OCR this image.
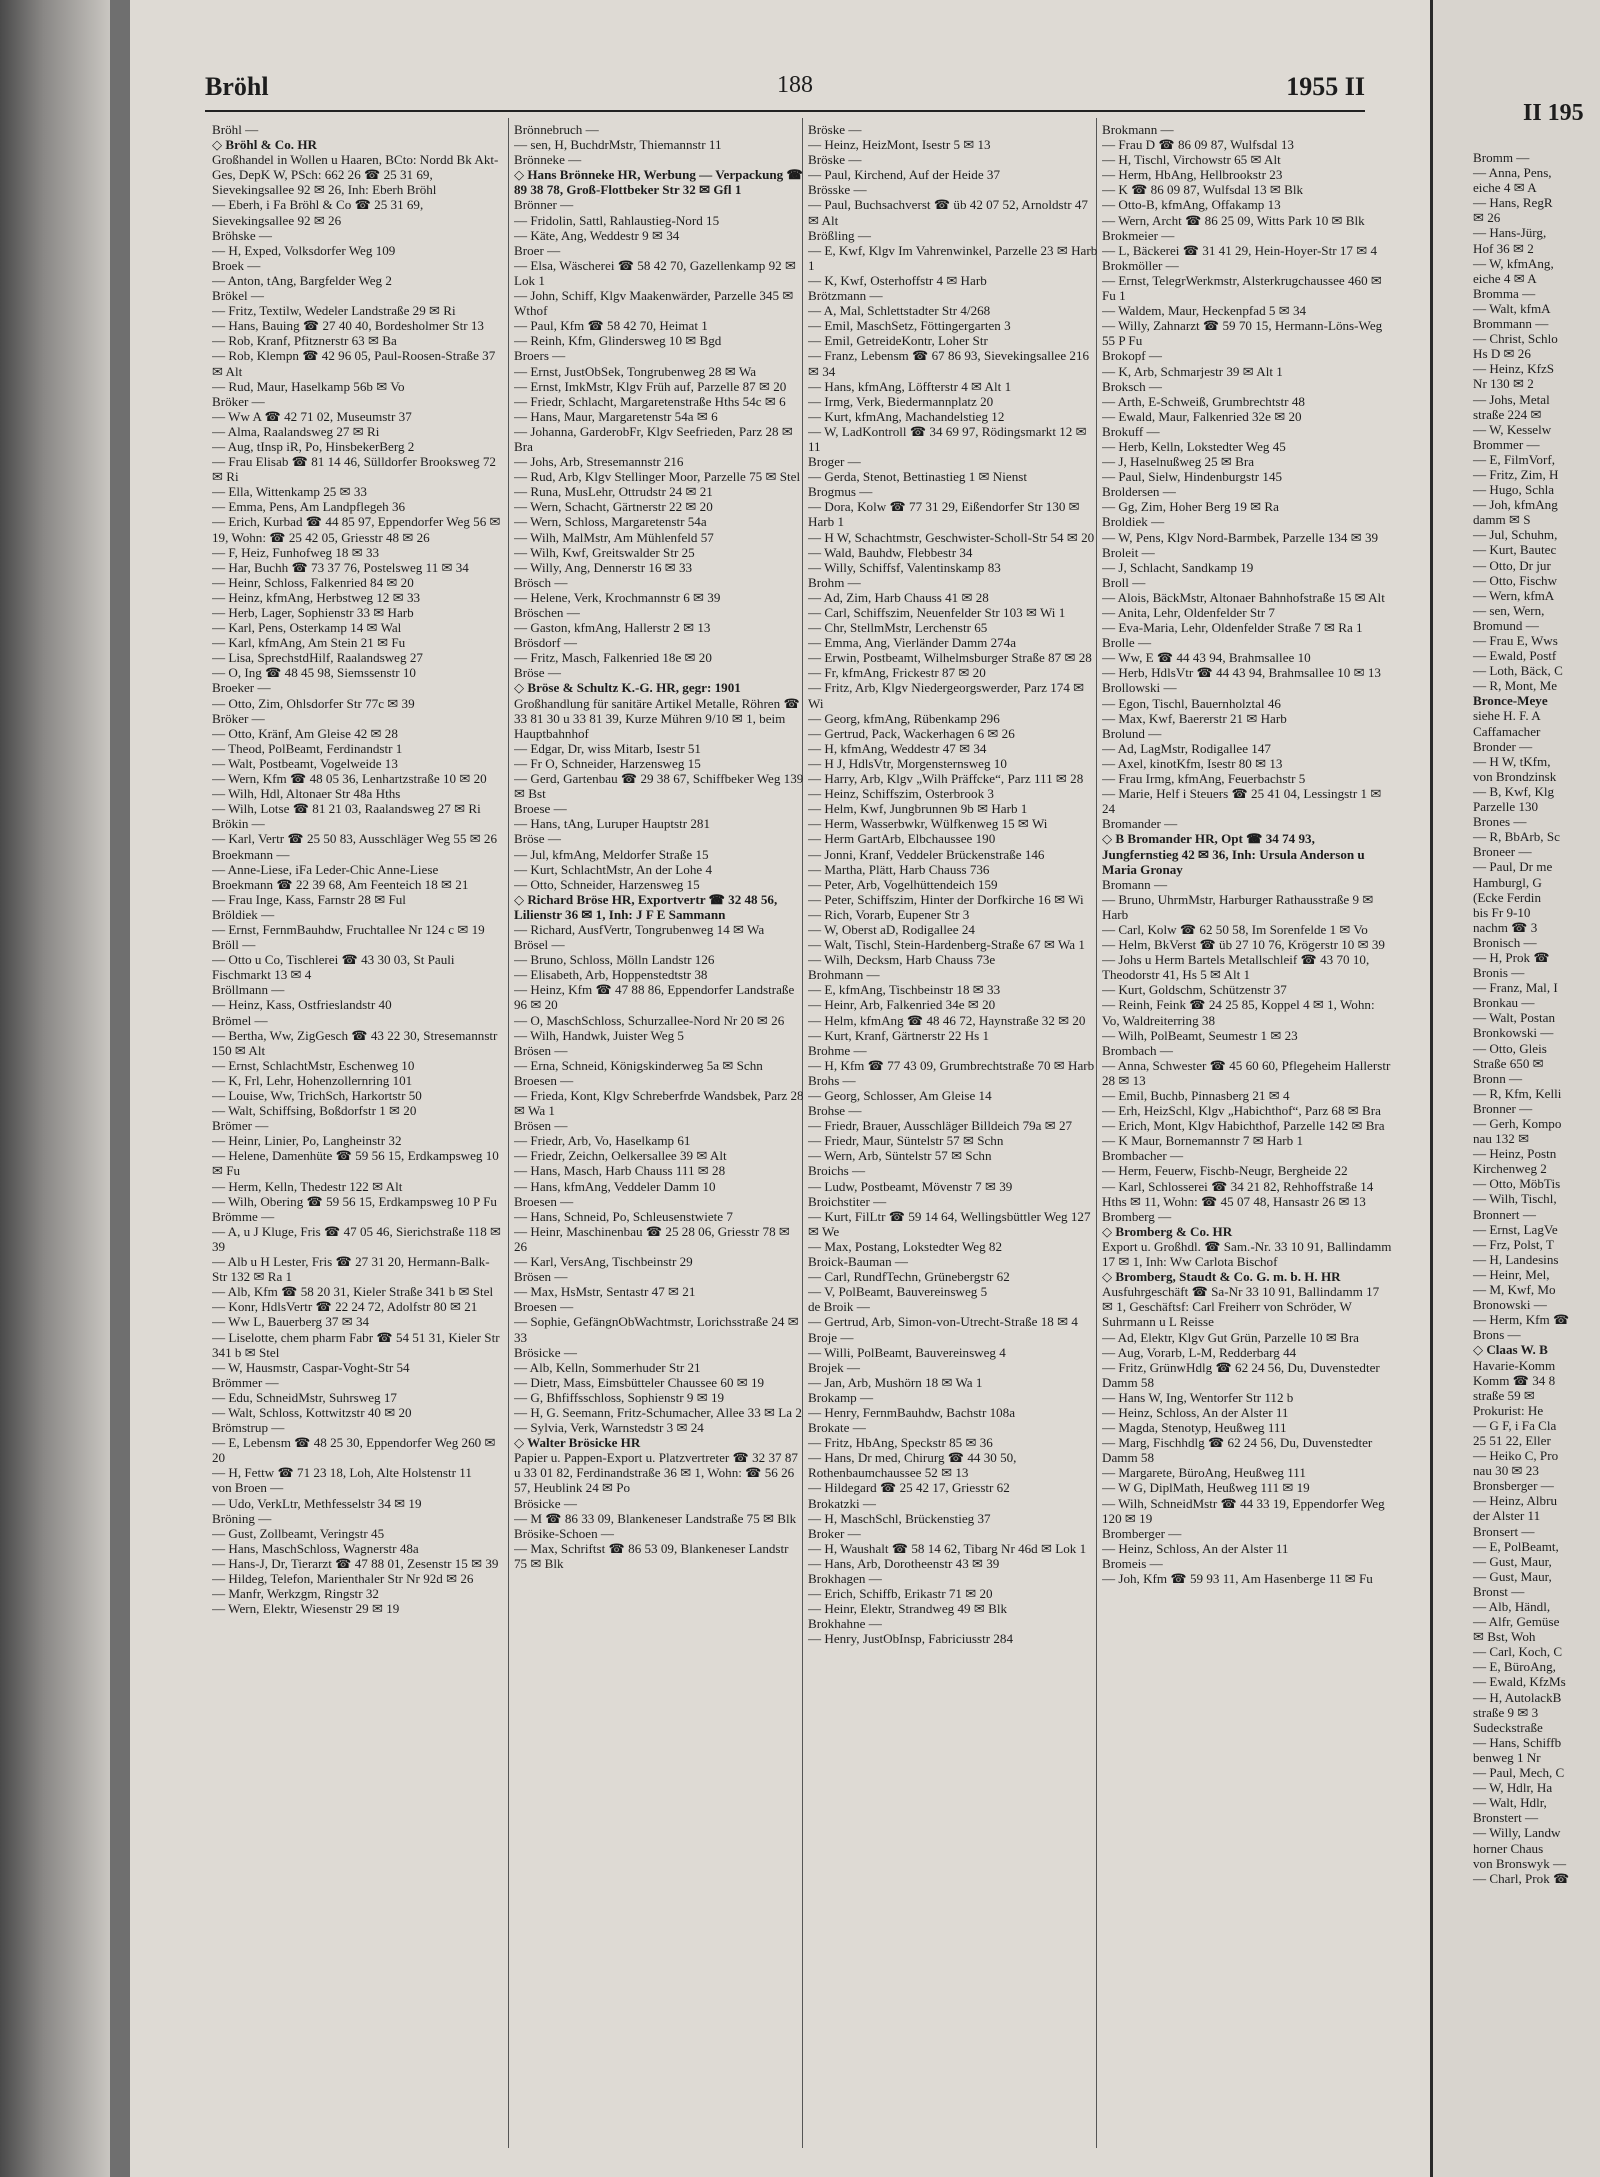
Bröhl	188	1955 II
Bröhl —
◇ Bröhl & Co. HR
Großhandel in Wollen u Haaren, BCto: Nordd Bk Akt-Ges, DepK W, PSch: 662 26 ☎ 25 31 69, Sievekingsallee 92 ✉ 26, Inh: Eberh Bröhl
— Eberh, i Fa Bröhl & Co ☎ 25 31 69, Sievekingsallee 92 ✉ 26
Bröhske —
— H, Exped, Volksdorfer Weg 109
Broek —
— Anton, tAng, Bargfelder Weg 2
Brökel —
— Fritz, Textilw, Wedeler Landstraße 29 ✉ Ri
— Hans, Bauing ☎ 27 40 40, Bordesholmer Str 13
— Rob, Kranf, Pfitznerstr 63 ✉ Ba
— Rob, Klempn ☎ 42 96 05, Paul-Roosen-Straße 37 ✉ Alt
— Rud, Maur, Haselkamp 56b ✉ Vo
Bröker —
— Ww A ☎ 42 71 02, Museumstr 37
— Alma, Raalandsweg 27 ✉ Ri
— Aug, tInsp iR, Po, HinsbekerBerg 2
— Frau Elisab ☎ 81 14 46, Sülldorfer Brooksweg 72 ✉ Ri
— Ella, Wittenkamp 25 ✉ 33
— Emma, Pens, Am Landpflegeh 36
— Erich, Kurbad ☎ 44 85 97, Eppendorfer Weg 56 ✉ 19, Wohn: ☎ 25 42 05, Griesstr 48 ✉ 26
— F, Heiz, Funhofweg 18 ✉ 33
— Har, Buchh ☎ 73 37 76, Postelsweg 11 ✉ 34
— Heinr, Schloss, Falkenried 84 ✉ 20
— Heinz, kfmAng, Herbstweg 12 ✉ 33
— Herb, Lager, Sophienstr 33 ✉ Harb
— Karl, Pens, Osterkamp 14 ✉ Wal
— Karl, kfmAng, Am Stein 21 ✉ Fu
— Lisa, SprechstdHilf, Raalandsweg 27
— O, Ing ☎ 48 45 98, Siemssenstr 10
Broeker —
— Otto, Zim, Ohlsdorfer Str 77c ✉ 39
Bröker —
— Otto, Kränf, Am Gleise 42 ✉ 28
— Theod, PolBeamt, Ferdinandstr 1
— Walt, Postbeamt, Vogelweide 13
— Wern, Kfm ☎ 48 05 36, Lenhartzstraße 10 ✉ 20
— Wilh, Hdl, Altonaer Str 48a Hths
— Wilh, Lotse ☎ 81 21 03, Raalandsweg 27 ✉ Ri
Brökin —
— Karl, Vertr ☎ 25 50 83, Ausschläger Weg 55 ✉ 26
Broekmann —
— Anne-Liese, iFa Leder-Chic Anne-Liese Broekmann ☎ 22 39 68, Am Feenteich 18 ✉ 21
— Frau Inge, Kass, Farnstr 28 ✉ Ful
Bröldiek —
— Ernst, FernmBauhdw, Fruchtallee Nr 124 c ✉ 19
Bröll —
— Otto u Co, Tischlerei ☎ 43 30 03, St Pauli Fischmarkt 13 ✉ 4
Bröllmann —
— Heinz, Kass, Ostfrieslandstr 40
Brömel —
— Bertha, Ww, ZigGesch ☎ 43 22 30, Stresemannstr 150 ✉ Alt
— Ernst, SchlachtMstr, Eschenweg 10
— K, Frl, Lehr, Hohenzollernring 101
— Louise, Ww, TrichSch, Harkortstr 50
— Walt, Schiffsing, Boßdorfstr 1 ✉ 20
Brömer —
— Heinr, Linier, Po, Langheinstr 32
— Helene, Damenhüte ☎ 59 56 15, Erdkampsweg 10 ✉ Fu
— Herm, Kelln, Thedestr 122 ✉ Alt
— Wilh, Obering ☎ 59 56 15, Erdkampsweg 10 P Fu
Brömme —
— A, u J Kluge, Fris ☎ 47 05 46, Sierichstraße 118 ✉ 39
— Alb u H Lester, Fris ☎ 27 31 20, Hermann-Balk-Str 132 ✉ Ra 1
— Alb, Kfm ☎ 58 20 31, Kieler Straße 341 b ✉ Stel
— Konr, HdlsVertr ☎ 22 24 72, Adolfstr 80 ✉ 21
— Ww L, Bauerberg 37 ✉ 34
— Liselotte, chem pharm Fabr ☎ 54 51 31, Kieler Str 341 b ✉ Stel
— W, Hausmstr, Caspar-Voght-Str 54
Brömmer —
— Edu, SchneidMstr, Suhrsweg 17
— Walt, Schloss, Kottwitzstr 40 ✉ 20
Brömstrup —
— E, Lebensm ☎ 48 25 30, Eppendorfer Weg 260 ✉ 20
— H, Fettw ☎ 71 23 18, Loh, Alte Holstenstr 11
von Broen —
— Udo, VerkLtr, Methfesselstr 34 ✉ 19
Bröning —
— Gust, Zollbeamt, Veringstr 45
— Hans, MaschSchloss, Wagnerstr 48a
— Hans-J, Dr, Tierarzt ☎ 47 88 01, Zesenstr 15 ✉ 39
— Hildeg, Telefon, Marienthaler Str Nr 92d ✉ 26
— Manfr, Werkzgm, Ringstr 32
— Wern, Elektr, Wiesenstr 29 ✉ 19
Brönnebruch —
— sen, H, BuchdrMstr, Thiemannstr 11
Brönneke —
◇ Hans Brönneke HR, Werbung — Verpackung ☎ 89 38 78, Groß-Flottbeker Str 32 ✉ Gfl 1
Brönner —
— Fridolin, Sattl, Rahlaustieg-Nord 15
— Käte, Ang, Weddestr 9 ✉ 34
Broer —
— Elsa, Wäscherei ☎ 58 42 70, Gazellenkamp 92 ✉ Lok 1
— John, Schiff, Klgv Maakenwärder, Parzelle 345 ✉ Wthof
— Paul, Kfm ☎ 58 42 70, Heimat 1
— Reinh, Kfm, Glindersweg 10 ✉ Bgd
Broers —
— Ernst, JustObSek, Tongrubenweg 28 ✉ Wa
— Ernst, ImkMstr, Klgv Früh auf, Parzelle 87 ✉ 20
— Friedr, Schlacht, Margaretenstraße Hths 54c ✉ 6
— Hans, Maur, Margaretenstr 54a ✉ 6
— Johanna, GarderobFr, Klgv Seefrieden, Parz 28 ✉ Bra
— Johs, Arb, Stresemannstr 216
— Rud, Arb, Klgv Stellinger Moor, Parzelle 75 ✉ Stel
— Runa, MusLehr, Ottrudstr 24 ✉ 21
— Wern, Schacht, Gärtnerstr 22 ✉ 20
— Wern, Schloss, Margaretenstr 54a
— Wilh, MalMstr, Am Mühlenfeld 57
— Wilh, Kwf, Greitswalder Str 25
— Willy, Ang, Dennerstr 16 ✉ 33
Brösch —
— Helene, Verk, Krochmannstr 6 ✉ 39
Bröschen —
— Gaston, kfmAng, Hallerstr 2 ✉ 13
Brösdorf —
— Fritz, Masch, Falkenried 18e ✉ 20
Bröse —
◇ Bröse & Schultz K.-G. HR, gegr: 1901
Großhandlung für sanitäre Artikel Metalle, Röhren ☎ 33 81 30 u 33 81 39, Kurze Mühren 9/10 ✉ 1, beim Hauptbahnhof
— Edgar, Dr, wiss Mitarb, Isestr 51
— Fr O, Schneider, Harzensweg 15
— Gerd, Gartenbau ☎ 29 38 67, Schiffbeker Weg 139 ✉ Bst
Broese —
— Hans, tAng, Luruper Hauptstr 281
Bröse —
— Jul, kfmAng, Meldorfer Straße 15
— Kurt, SchlachtMstr, An der Lohe 4
— Otto, Schneider, Harzensweg 15
◇ Richard Bröse HR, Exportvertr ☎ 32 48 56, Lilienstr 36 ✉ 1, Inh: J F E Sammann
— Richard, AusfVertr, Tongrubenweg 14 ✉ Wa
Brösel —
— Bruno, Schloss, Mölln Landstr 126
— Elisabeth, Arb, Hoppenstedtstr 38
— Heinz, Kfm ☎ 47 88 86, Eppendorfer Landstraße 96 ✉ 20
— O, MaschSchloss, Schurzallee-Nord Nr 20 ✉ 26
— Wilh, Handwk, Juister Weg 5
Brösen —
— Erna, Schneid, Königskinderweg 5a ✉ Schn
Broesen —
— Frieda, Kont, Klgv Schreberfrde Wandsbek, Parz 28 ✉ Wa 1
Brösen —
— Friedr, Arb, Vo, Haselkamp 61
— Friedr, Zeichn, Oelkersallee 39 ✉ Alt
— Hans, Masch, Harb Chauss 111 ✉ 28
— Hans, kfmAng, Veddeler Damm 10
Broesen —
— Hans, Schneid, Po, Schleusenstwiete 7
— Heinr, Maschinenbau ☎ 25 28 06, Griesstr 78 ✉ 26
— Karl, VersAng, Tischbeinstr 29
Brösen —
— Max, HsMstr, Sentastr 47 ✉ 21
Broesen —
— Sophie, GefängnObWachtmstr, Lorichsstraße 24 ✉ 33
Brösicke —
— Alb, Kelln, Sommerhuder Str 21
— Dietr, Mass, Eimsbütteler Chaussee 60 ✉ 19
— G, Bhfiffsschloss, Sophienstr 9 ✉ 19
— H, G. Seemann, Fritz-Schumacher, Allee 33 ✉ La 2
— Sylvia, Verk, Warnstedstr 3 ✉ 24
◇ Walter Brösicke HR
Papier u. Pappen-Export u. Platzvertreter ☎ 32 37 87 u 33 01 82, Ferdinandstraße 36 ✉ 1, Wohn: ☎ 56 26 57, Heublink 24 ✉ Po
Brösicke —
— M ☎ 86 33 09, Blankeneser Landstraße 75 ✉ Blk
Brösike-Schoen —
— Max, Schriftst ☎ 86 53 09, Blankeneser Landstr 75 ✉ Blk
Bröske —
— Heinz, HeizMont, Isestr 5 ✉ 13
Bröske —
— Paul, Kirchend, Auf der Heide 37
Brösske —
— Paul, Buchsachverst ☎ üb 42 07 52, Arnoldstr 47 ✉ Alt
Brößling —
— E, Kwf, Klgv Im Vahrenwinkel, Parzelle 23 ✉ Harb 1
— K, Kwf, Osterhoffstr 4 ✉ Harb
Brötzmann —
— A, Mal, Schlettstadter Str 4/268
— Emil, MaschSetz, Föttingergarten 3
— Emil, GetreideKontr, Loher Str
— Franz, Lebensm ☎ 67 86 93, Sievekingsallee 216 ✉ 34
— Hans, kfmAng, Löffterstr 4 ✉ Alt 1
— Irmg, Verk, Biedermannplatz 20
— Kurt, kfmAng, Machandelstieg 12
— W, LadKontroll ☎ 34 69 97, Rödingsmarkt 12 ✉ 11
Broger —
— Gerda, Stenot, Bettinastieg 1 ✉ Nienst
Brogmus —
— Dora, Kolw ☎ 77 31 29, Eißendorfer Str 130 ✉ Harb 1
— H W, Schachtmstr, Geschwister-Scholl-Str 54 ✉ 20
— Wald, Bauhdw, Flebbestr 34
— Willy, Schiffsf, Valentinskamp 83
Brohm —
— Ad, Zim, Harb Chauss 41 ✉ 28
— Carl, Schiffszim, Neuenfelder Str 103 ✉ Wi 1
— Chr, StellmMstr, Lerchenstr 65
— Emma, Ang, Vierländer Damm 274a
— Erwin, Postbeamt, Wilhelmsburger Straße 87 ✉ 28
— Fr, kfmAng, Frickestr 87 ✉ 20
— Fritz, Arb, Klgv Niedergeorgswerder, Parz 174 ✉ Wi
— Georg, kfmAng, Rübenkamp 296
— Gertrud, Pack, Wackerhagen 6 ✉ 26
— H, kfmAng, Weddestr 47 ✉ 34
— H J, HdlsVtr, Morgensternsweg 10
— Harry, Arb, Klgv „Wilh Präffcke“, Parz 111 ✉ 28
— Heinz, Schiffszim, Osterbrook 3
— Helm, Kwf, Jungbrunnen 9b ✉ Harb 1
— Herm, Wasserbwkr, Wülfkenweg 15 ✉ Wi
— Herm GartArb, Elbchaussee 190
— Jonni, Kranf, Veddeler Brückenstraße 146
— Martha, Plätt, Harb Chauss 736
— Peter, Arb, Vogelhüttendeich 159
— Peter, Schiffszim, Hinter der Dorfkirche 16 ✉ Wi
— Rich, Vorarb, Eupener Str 3
— W, Oberst aD, Rodigallee 24
— Walt, Tischl, Stein-Hardenberg-Straße 67 ✉ Wa 1
— Wilh, Decksm, Harb Chauss 73e
Brohmann —
— E, kfmAng, Tischbeinstr 18 ✉ 33
— Heinr, Arb, Falkenried 34e ✉ 20
— Helm, kfmAng ☎ 48 46 72, Haynstraße 32 ✉ 20
— Kurt, Kranf, Gärtnerstr 22 Hs 1
Brohme —
— H, Kfm ☎ 77 43 09, Grumbrechtstraße 70 ✉ Harb
Brohs —
— Georg, Schlosser, Am Gleise 14
Brohse —
— Friedr, Brauer, Ausschläger Billdeich 79a ✉ 27
— Friedr, Maur, Süntelstr 57 ✉ Schn
— Wern, Arb, Süntelstr 57 ✉ Schn
Broichs —
— Ludw, Postbeamt, Mövenstr 7 ✉ 39
Broichstiter —
— Kurt, FilLtr ☎ 59 14 64, Wellingsbüttler Weg 127 ✉ We
— Max, Postang, Lokstedter Weg 82
Broick-Bauman —
— Carl, RundfTechn, Grünebergstr 62
— V, PolBeamt, Bauvereinsweg 5
de Broik —
— Gertrud, Arb, Simon-von-Utrecht-Straße 18 ✉ 4
Broje —
— Willi, PolBeamt, Bauvereinsweg 4
Brojek —
— Jan, Arb, Mushörn 18 ✉ Wa 1
Brokamp —
— Henry, FernmBauhdw, Bachstr 108a
Brokate —
— Fritz, HbAng, Speckstr 85 ✉ 36
— Hans, Dr med, Chirurg ☎ 44 30 50, Rothenbaumchaussee 52 ✉ 13
— Hildegard ☎ 25 42 17, Griesstr 62
Brokatzki —
— H, MaschSchl, Brückenstieg 37
Broker —
— H, Waushalt ☎ 58 14 62, Tibarg Nr 46d ✉ Lok 1
— Hans, Arb, Dorotheenstr 43 ✉ 39
Brokhagen —
— Erich, Schiffb, Erikastr 71 ✉ 20
— Heinr, Elektr, Strandweg 49 ✉ Blk
Brokhahne —
— Henry, JustObInsp, Fabriciusstr 284
Brokmann —
— Frau D ☎ 86 09 87, Wulfsdal 13
— H, Tischl, Virchowstr 65 ✉ Alt
— Herm, HbAng, Hellbrookstr 23
— K ☎ 86 09 87, Wulfsdal 13 ✉ Blk
— Otto-B, kfmAng, Offakamp 13
— Wern, Archt ☎ 86 25 09, Witts Park 10 ✉ Blk
Brokmeier —
— L, Bäckerei ☎ 31 41 29, Hein-Hoyer-Str 17 ✉ 4
Brokmöller —
— Ernst, TelegrWerkmstr, Alsterkrugchaussee 460 ✉ Fu 1
— Waldem, Maur, Heckenpfad 5 ✉ 34
— Willy, Zahnarzt ☎ 59 70 15, Hermann-Löns-Weg 55 P Fu
Brokopf —
— K, Arb, Schmarjestr 39 ✉ Alt 1
Broksch —
— Arth, E-Schweiß, Grumbrechtstr 48
— Ewald, Maur, Falkenried 32e ✉ 20
Brokuff —
— Herb, Kelln, Lokstedter Weg 45
— J, Haselnußweg 25 ✉ Bra
— Paul, Sielw, Hindenburgstr 145
Broldersen —
— Gg, Zim, Hoher Berg 19 ✉ Ra
Broldiek —
— W, Pens, Klgv Nord-Barmbek, Parzelle 134 ✉ 39
Broleit —
— J, Schlacht, Sandkamp 19
Broll —
— Alois, BäckMstr, Altonaer Bahnhofstraße 15 ✉ Alt
— Anita, Lehr, Oldenfelder Str 7
— Eva-Maria, Lehr, Oldenfelder Straße 7 ✉ Ra 1
Brolle —
— Ww, E ☎ 44 43 94, Brahmsallee 10
— Herb, HdlsVtr ☎ 44 43 94, Brahmsallee 10 ✉ 13
Brollowski —
— Egon, Tischl, Bauernholztal 46
— Max, Kwf, Baererstr 21 ✉ Harb
Brolund —
— Ad, LagMstr, Rodigallee 147
— Axel, kinotKfm, Isestr 80 ✉ 13
— Frau Irmg, kfmAng, Feuerbachstr 5
— Marie, Helf i Steuers ☎ 25 41 04, Lessingstr 1 ✉ 24
Bromander —
◇ B Bromander HR, Opt ☎ 34 74 93, Jungfernstieg 42 ✉ 36, Inh: Ursula Anderson u Maria Gronay
Bromann —
— Bruno, UhrmMstr, Harburger Rathausstraße 9 ✉ Harb
— Carl, Kolw ☎ 62 50 58, Im Sorenfelde 1 ✉ Vo
— Helm, BkVerst ☎ üb 27 10 76, Krögerstr 10 ✉ 39
— Johs u Herm Bartels Metallschleif ☎ 43 70 10, Theodorstr 41, Hs 5 ✉ Alt 1
— Kurt, Goldschm, Schützenstr 37
— Reinh, Feink ☎ 24 25 85, Koppel 4 ✉ 1, Wohn: Vo, Waldreiterring 38
— Wilh, PolBeamt, Seumestr 1 ✉ 23
Brombach —
— Anna, Schwester ☎ 45 60 60, Pflegeheim Hallerstr 28 ✉ 13
— Emil, Buchb, Pinnasberg 21 ✉ 4
— Erh, HeizSchl, Klgv „Habichthof“, Parz 68 ✉ Bra
— Erich, Mont, Klgv Habichthof, Parzelle 142 ✉ Bra
— K Maur, Bornemannstr 7 ✉ Harb 1
Brombacher —
— Herm, Feuerw, Fischb-Neugr, Bergheide 22
— Karl, Schlosserei ☎ 34 21 82, Rehhoffstraße 14 Hths ✉ 11, Wohn: ☎ 45 07 48, Hansastr 26 ✉ 13
Bromberg —
◇ Bromberg & Co. HR
Export u. Großhdl. ☎ Sam.-Nr. 33 10 91, Ballindamm 17 ✉ 1, Inh: Ww Carlota Bischof
◇ Bromberg, Staudt & Co. G. m. b. H. HR
Ausfuhrgeschäft ☎ Sa-Nr 33 10 91, Ballindamm 17 ✉ 1, Geschäftsf: Carl Freiherr von Schröder, W Suhrmann u L Reisse
— Ad, Elektr, Klgv Gut Grün, Parzelle 10 ✉ Bra
— Aug, Vorarb, L-M, Redderbarg 44
— Fritz, GrünwHdlg ☎ 62 24 56, Du, Duvenstedter Damm 58
— Hans W, Ing, Wentorfer Str 112 b
— Heinz, Schloss, An der Alster 11
— Magda, Stenotyp, Heußweg 111
— Marg, Fischhdlg ☎ 62 24 56, Du, Duvenstedter Damm 58
— Margarete, BüroAng, Heußweg 111
— W G, DiplMath, Heußweg 111 ✉ 19
— Wilh, SchneidMstr ☎ 44 33 19, Eppendorfer Weg 120 ✉ 19
Bromberger —
— Heinz, Schloss, An der Alster 11
Bromeis —
— Joh, Kfm ☎ 59 93 11, Am Hasenberge 11 ✉ Fu
II 195
Bromm —
— Anna, Pens,
eiche 4 ✉ A
— Hans, RegR
✉ 26
— Hans-Jürg,
Hof 36 ✉ 2
— W, kfmAng,
eiche 4 ✉ A
Bromma —
— Walt, kfmA
Brommann —
— Christ, Schlo
Hs D ✉ 26
— Heinz, KfzS
Nr 130 ✉ 2
— Johs, Metal
straße 224 ✉
— W, Kesselw
Brommer —
— E, FilmVorf,
— Fritz, Zim, H
— Hugo, Schla
— Joh, kfmAng
damm ✉ S
— Jul, Schuhm,
— Kurt, Bautec
— Otto, Dr jur
— Otto, Fischw
— Wern, kfmA
— sen, Wern,
Bromund —
— Frau E, Wws
— Ewald, Postf
— Loth, Bäck, C
— R, Mont, Me
Bronce-Meye
siehe H. F. A
Caffamacher
Bronder —
— H W, tKfm,
von Brondzinsk
— B, Kwf, Klg
Parzelle 130
Brones —
— R, BbArb, Sc
Broneer —
— Paul, Dr me
Hamburgl, G
(Ecke Ferdin
bis Fr 9-10
nachm ☎ 3
Bronisch —
— H, Prok ☎
Bronis —
— Franz, Mal, I
Bronkau —
— Walt, Postan
Bronkowski —
— Otto, Gleis
Straße 650 ✉
Bronn —
— R, Kfm, Kelli
Bronner —
— Gerh, Kompo
nau 132 ✉
— Heinz, Postn
Kirchenweg 2
— Otto, MöbTis
— Wilh, Tischl,
Bronnert —
— Ernst, LagVe
— Frz, Polst, T
— H, Landesins
— Heinr, Mel,
— M, Kwf, Mo
Bronowski —
— Herm, Kfm ☎
Brons —
◇ Claas W. B
Havarie-Komm
Komm ☎ 34 8
straße 59 ✉
Prokurist: He
— G F, i Fa Cla
25 51 22, Eller
— Heiko C, Pro
nau 30 ✉ 23
Bronsberger —
— Heinz, Albru
der Alster 11
Bronsert —
— E, PolBeamt,
— Gust, Maur,
— Gust, Maur,
Bronst —
— Alb, Händl,
— Alfr, Gemüse
✉ Bst, Woh
— Carl, Koch, C
— E, BüroAng,
— Ewald, KfzMs
— H, AutolackB
straße 9 ✉ 3
Sudeckstraße
— Hans, Schiffb
benweg 1 Nr
— Paul, Mech, C
— W, Hdlr, Ha
— Walt, Hdlr,
Bronstert —
— Willy, Landw
horner Chaus
von Bronswyk —
— Charl, Prok ☎
